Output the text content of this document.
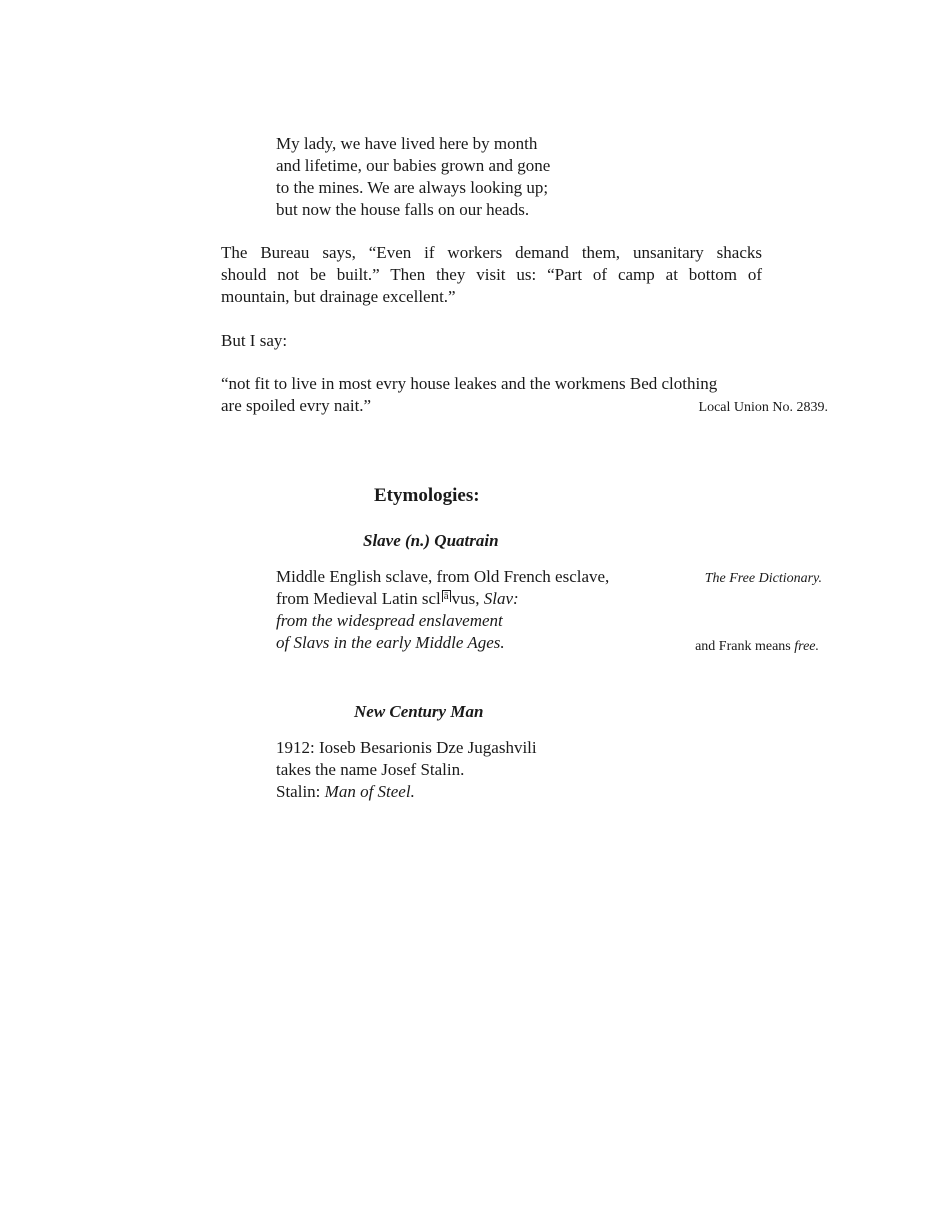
My lady, we have lived here by month
and lifetime, our babies grown and gone
to the mines. We are always looking up;
but now the house falls on our heads.
The Bureau says, “Even if workers demand them, unsanitary shacks
should not be built.” Then they visit us: “Part of camp at bottom of
mountain, but drainage excellent.”
But I say:
“not fit to live in most evry house leakes and the workmens Bed clothing
are spoiled evry nait.”	Local Union No. 2839.
Etymologies:
Slave (n.) Quatrain
Middle English sclave, from Old French esclave,
from Medieval Latin scl ā vus, Slav:
from the widespread enslavement
of Slavs in the early Middle Ages.
The Free Dictionary.
and Frank means free.
New Century Man
1912: Ioseb Besarionis Dze Jugashvili
takes the name Josef Stalin.
Stalin: Man of Steel.
